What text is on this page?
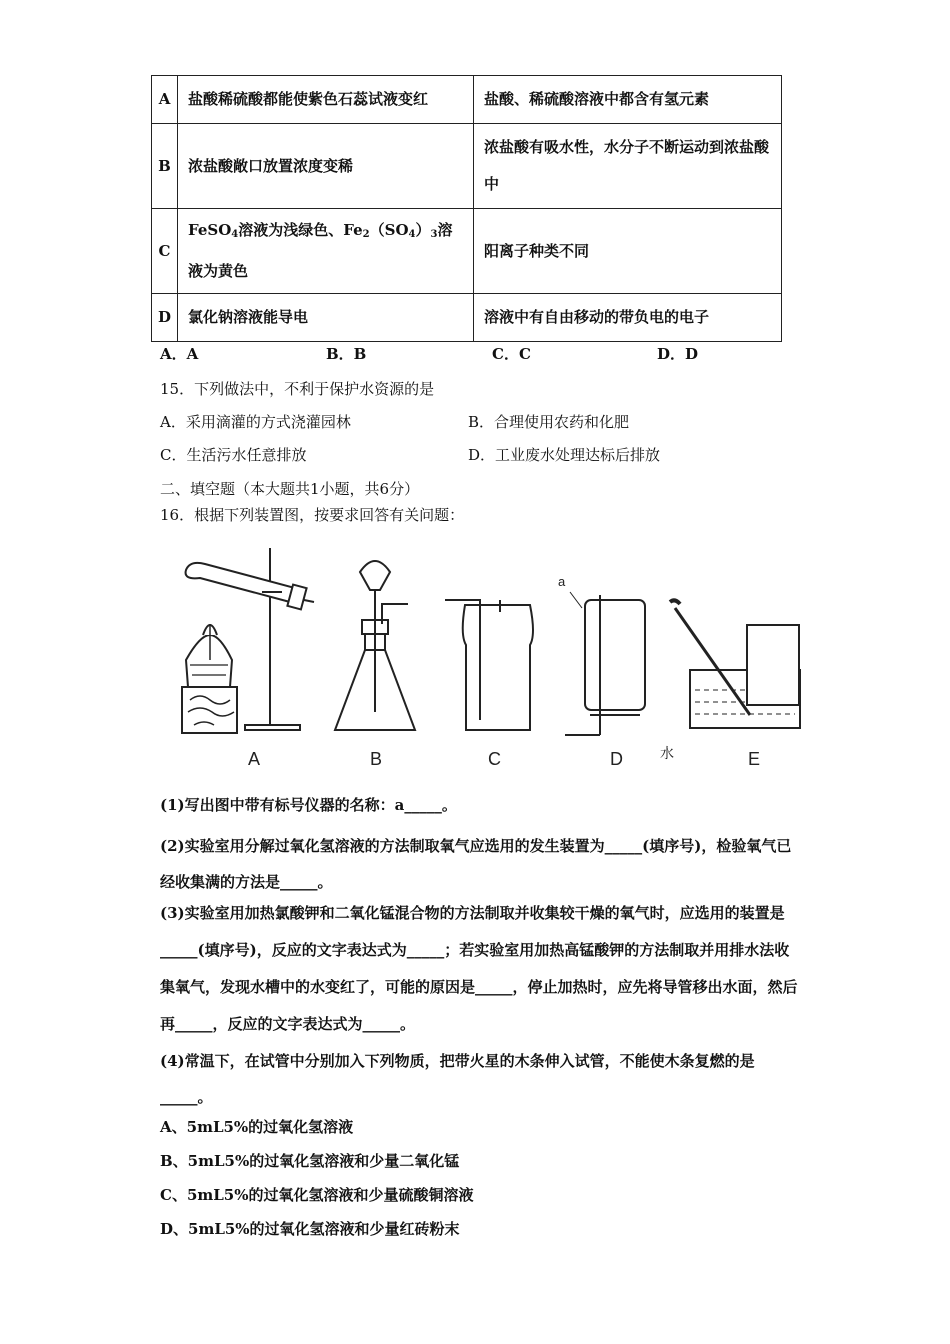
A	盐酸稀硫酸都能使紫色石蕊试液变红	盐酸、稀硫酸溶液中都含有氢元素
B	浓盐酸敞口放置浓度变稀	浓盐酸有吸水性，水分子不断运动到浓盐酸中
C	FeSO$_4$溶液为浅绿色、$Fe_2(SO_4)_3$溶液为黄色	阳离子种类不同
D	氯化钠溶液能导电	溶液中有自由移动的带负电的电子
A．A	B．B	C．C	D．D
15．下列做法中，不利于保护水资源的是
A．采用滴灌的方式浇灌园林	B．合理使用农药和化肥
C．生活污水任意排放	D．工业废水处理达标后排放
二、填空题（本大题共1小题，共6分）
16．根据下列装置图，按要求回答有关问题：
A	B	C	D	E
a
水
(1)写出图中带有标号仪器的名称：a_____。
(2)实验室用分解过氧化氢溶液的方法制取氧气应选用的发生装置为_____(填序号)，检验氧气已经收集满的方法是_____。
(3)实验室用加热氯酸钾和二氧化锰混合物的方法制取并收集较干燥的氧气时，应选用的装置是_____(填序号)，反应的文字表达式为_____；若实验室用加热高锰酸钾的方法制取并用排水法收集氧气，发现水槽中的水变红了，可能的原因是_____，停止加热时，应先将导管移出水面，然后再_____，反应的文字表达式为_____。
(4)常温下，在试管中分别加入下列物质，把带火星的木条伸入试管，不能使木条复燃的是_____。
A、5mL5%的过氧化氢溶液
B、5mL5%的过氧化氢溶液和少量二氧化锰
C、5mL5%的过氧化氢溶液和少量硫酸铜溶液
D、5mL5%的过氧化氢溶液和少量红砖粉末
